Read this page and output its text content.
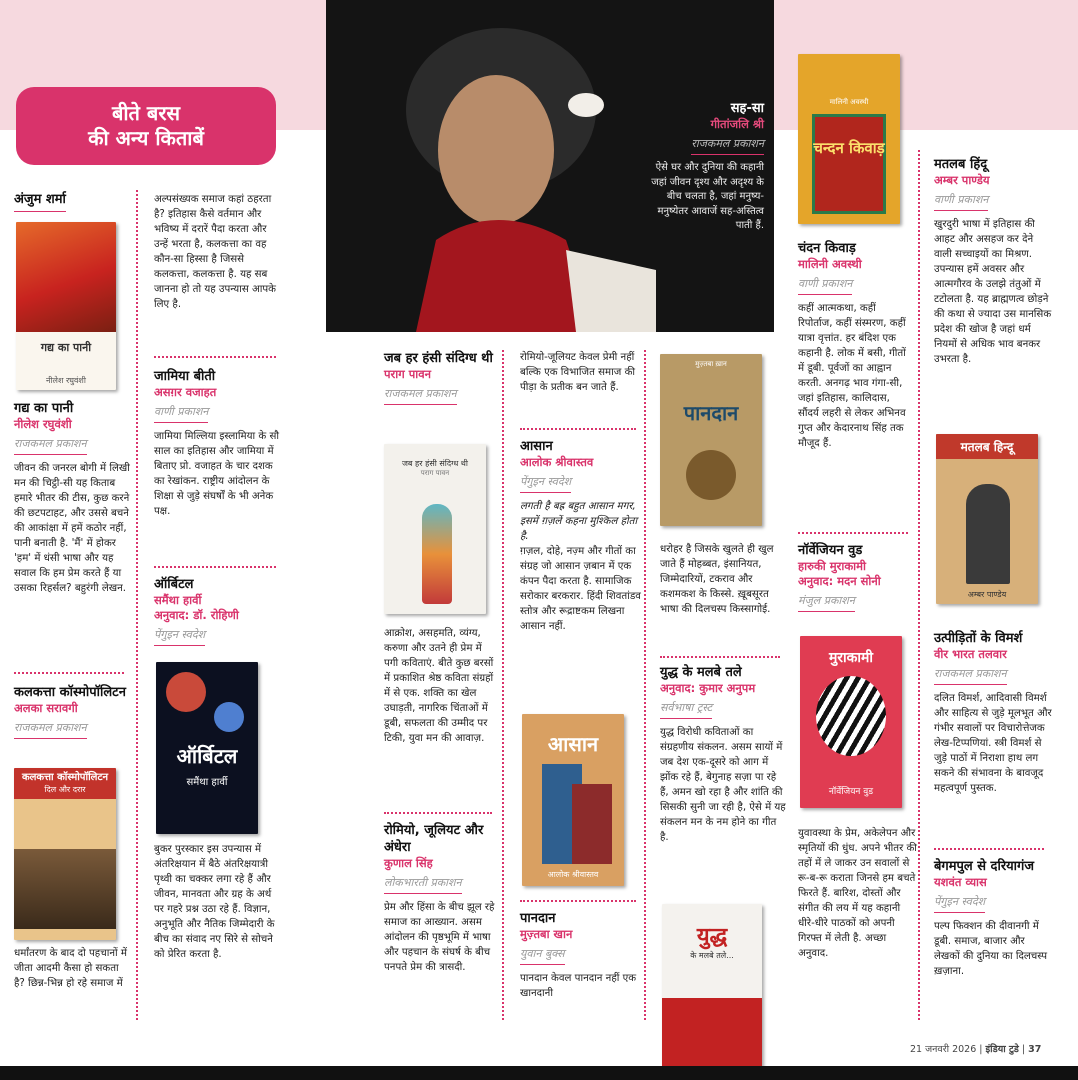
सह-सा
गीतांजलि श्री
राजकमल प्रकाशन
ऐसे घर और दुनिया की कहानी जहां जीवन दृश्य और अदृश्य के बीच चलता है, जहां मनुष्य-मनुष्येतर आवाजें सह-अस्तित्व पाती हैं.
बीते बरस
की अन्य किताबें
अंजुम शर्मा
गद्य का पानी
नीलेश रघुवंशी
गद्य का पानी
नीलेश रघुवंशी
राजकमल प्रकाशन
जीवन की जनरल बोगी में लिखी मन की चिट्ठी-सी यह किताब हमारे भीतर की टीस, कुछ करने की छटपटाहट, और उससे बचने की आकांक्षा में हमें कठोर नहीं, पानी बनाती है. 'मैं' में होकर 'हम' में धंसी भाषा और यह सवाल कि हम प्रेम करते हैं या उसका रिहर्सल? बहुरंगी लेखन.
कलकत्ता कॉस्मोपॉलिटन
अलका सरावगी
राजकमल प्रकाशन
कलकत्ता कॉस्मोपॉलिटन
दिल और दरार
धर्मांतरण के बाद दो पहचानों में जीता आदमी कैसा हो सकता है? छिन्न-भिन्न हो रहे समाज में
अल्पसंख्यक समाज कहां ठहरता है? इतिहास कैसे वर्तमान और भविष्य में दरारें पैदा करता और उन्हें भरता है, कलकत्ता का वह कौन-सा हिस्सा है जिससे कलकत्ता, कलकत्ता है. यह सब जानना हो तो यह उपन्यास आपके लिए है.
जामिया बीती
असग़र वजाहत
वाणी प्रकाशन
जामिया मिल्लिया इस्लामिया के सौ साल का इतिहास और जामिया में बिताए प्रो. वजाहत के चार दशक का रेखांकन. राष्ट्रीय आंदोलन के शिक्षा से जुड़े संघर्षों के भी अनेक पक्ष.
ऑर्बिटल
समैंथा हार्वी
अनुवाद: डॉ. रोहिणी
पेंगुइन स्वदेश
ऑर्बिटल
समैंथा हार्वी
बुकर पुरस्कार इस उपन्यास में अंतरिक्षयान में बैठे अंतरिक्षयात्री पृथ्वी का चक्कर लगा रहे हैं और जीवन, मानवता और ग्रह के अर्थ पर गहरे प्रश्न उठा रहे हैं. विज्ञान, अनुभूति और नैतिक जिम्मेदारी के बीच का संवाद नए सिरे से सोचने को प्रेरित करता है.
जब हर हंसी संदिग्ध थी
पराग पावन
राजकमल प्रकाशन
जब हर हंसी संदिग्ध थी
पराग पावन
आक्रोश, असहमति, व्यंग्य, करुणा और उतने ही प्रेम में पगी कविताएं. बीते कुछ बरसों में प्रकाशित श्रेष्ठ कविता संग्रहों में से एक. शक्ति का खेल उघाड़ती, नागरिक चिंताओं में डूबी, सफलता की उम्मीद पर टिकी, युवा मन की आवाज़.
रोमियो, जूलियट और अंधेरा
कुणाल सिंह
लोकभारती प्रकाशन
प्रेम और हिंसा के बीच झूल रहे समाज का आख्यान. असम आंदोलन की पृष्ठभूमि में भाषा और पहचान के संघर्ष के बीच पनपते प्रेम की त्रासदी.
रोमियो-जूलियट केवल प्रेमी नहीं बल्कि एक विभाजित समाज की पीड़ा के प्रतीक बन जाते हैं.
आसान
आलोक श्रीवास्तव
पेंगुइन स्वदेश
लगती है बह्र बहुत आसान मगर, इसमें ग़ज़लें कहना मुश्किल होता है.
ग़ज़ल, दोहे, नज़्म और गीतों का संग्रह जो आसान ज़बान में एक कंपन पैदा करता है. सामाजिक सरोकार बरकरार. हिंदी शिवतांडव स्तोत्र और रूद्राष्टकम लिखना आसान नहीं.
आसान
आलोक श्रीवास्तव
पानदान
मुज़्तबा खान
युवान बुक्स
पानदान केवल पानदान नहीं एक खानदानी
मुज़्तबा ख़ान
पानदान
धरोहर है जिसके खुलते ही खुल जाते हैं मोहब्बत, इंसानियत, जिम्मेदारियों, टकराव और कशमकश के किस्से. ख़ूबसूरत भाषा की दिलचस्प किस्सागोई.
युद्ध के मलबे तले
अनुवाद: कुमार अनुपम
सर्वभाषा ट्रस्ट
युद्ध विरोधी कविताओं का संग्रहणीय संकलन. असम सायों में जब देश एक-दूसरे को आग में झोंक रहे हैं, बेगुनाह सज़ा पा रहे हैं, अमन खो रहा है और शांति की सिसकी सुनी जा रही है, ऐसे में यह संकलन मन के नम होने का गीत है.
युद्ध
के मलबे तले...
मालिनी अवस्थी
चन्दन किवाड़
चंदन किवाड़
मालिनी अवस्थी
वाणी प्रकाशन
कहीं आत्मकथा, कहीं रिपोर्ताज, कहीं संस्मरण, कहीं यात्रा वृत्तांत. हर बंदिश एक कहानी है. लोक में बसी, गीतों में डूबी. पूर्वजों का आह्वान करती. अनगढ़ भाव गंगा-सी, जहां इतिहास, कालिदास, सौंदर्य लहरी से लेकर अभिनव गुप्त और केदारनाथ सिंह तक मौजूद हैं.
नॉर्वेजियन वुड
हारुकी मुराकामी
अनुवाद: मदन सोनी
मंजुल प्रकाशन
मुराकामी
नॉर्वेजियन वुड
युवावस्था के प्रेम, अकेलेपन और स्मृतियों की धुंध. अपने भीतर की तहों में ले जाकर उन सवालों से रू-ब-रू कराता जिनसे हम बचते फिरते हैं. बारिश, दोस्तों और संगीत की लय में यह कहानी धीरे-धीरे पाठकों को अपनी गिरफ्त में लेती है. अच्छा अनुवाद.
मतलब हिंदू
अम्बर पाण्डेय
वाणी प्रकाशन
खुरदुरी भाषा में इतिहास की आहट और असहज कर देने वाली सच्चाइयों का मिश्रण. उपन्यास हमें अवसर और आत्मगौरव के उलझे तंतुओं में टटोलता है. यह ब्राह्मणत्व छोड़ने की कथा से ज्यादा उस मानसिक प्रदेश की खोज है जहां धर्म नियमों से अधिक भाव बनकर उभरता है.
मतलब हिन्दू
अम्बर पाण्डेय
उत्पीड़ितों के विमर्श
वीर भारत तलवार
राजकमल प्रकाशन
दलित विमर्श, आदिवासी विमर्श और साहित्य से जुड़े मूलभूत और गंभीर सवालों पर विचारोत्तेजक लेख-टिप्पणियां. स्त्री विमर्श से जुड़े पाठों में निराशा हाथ लग सकने की संभावना के बावजूद महत्वपूर्ण पुस्तक.
बेगमपुल से दरियागंज
यशवंत व्यास
पेंगुइन स्वदेश
पल्प फिक्शन की दीवानगी में डूबी. समाज, बाजार और लेखकों की दुनिया का दिलचस्प ख़ज़ाना.
21 जनवरी 2026 | इंडिया टुडे | 37
